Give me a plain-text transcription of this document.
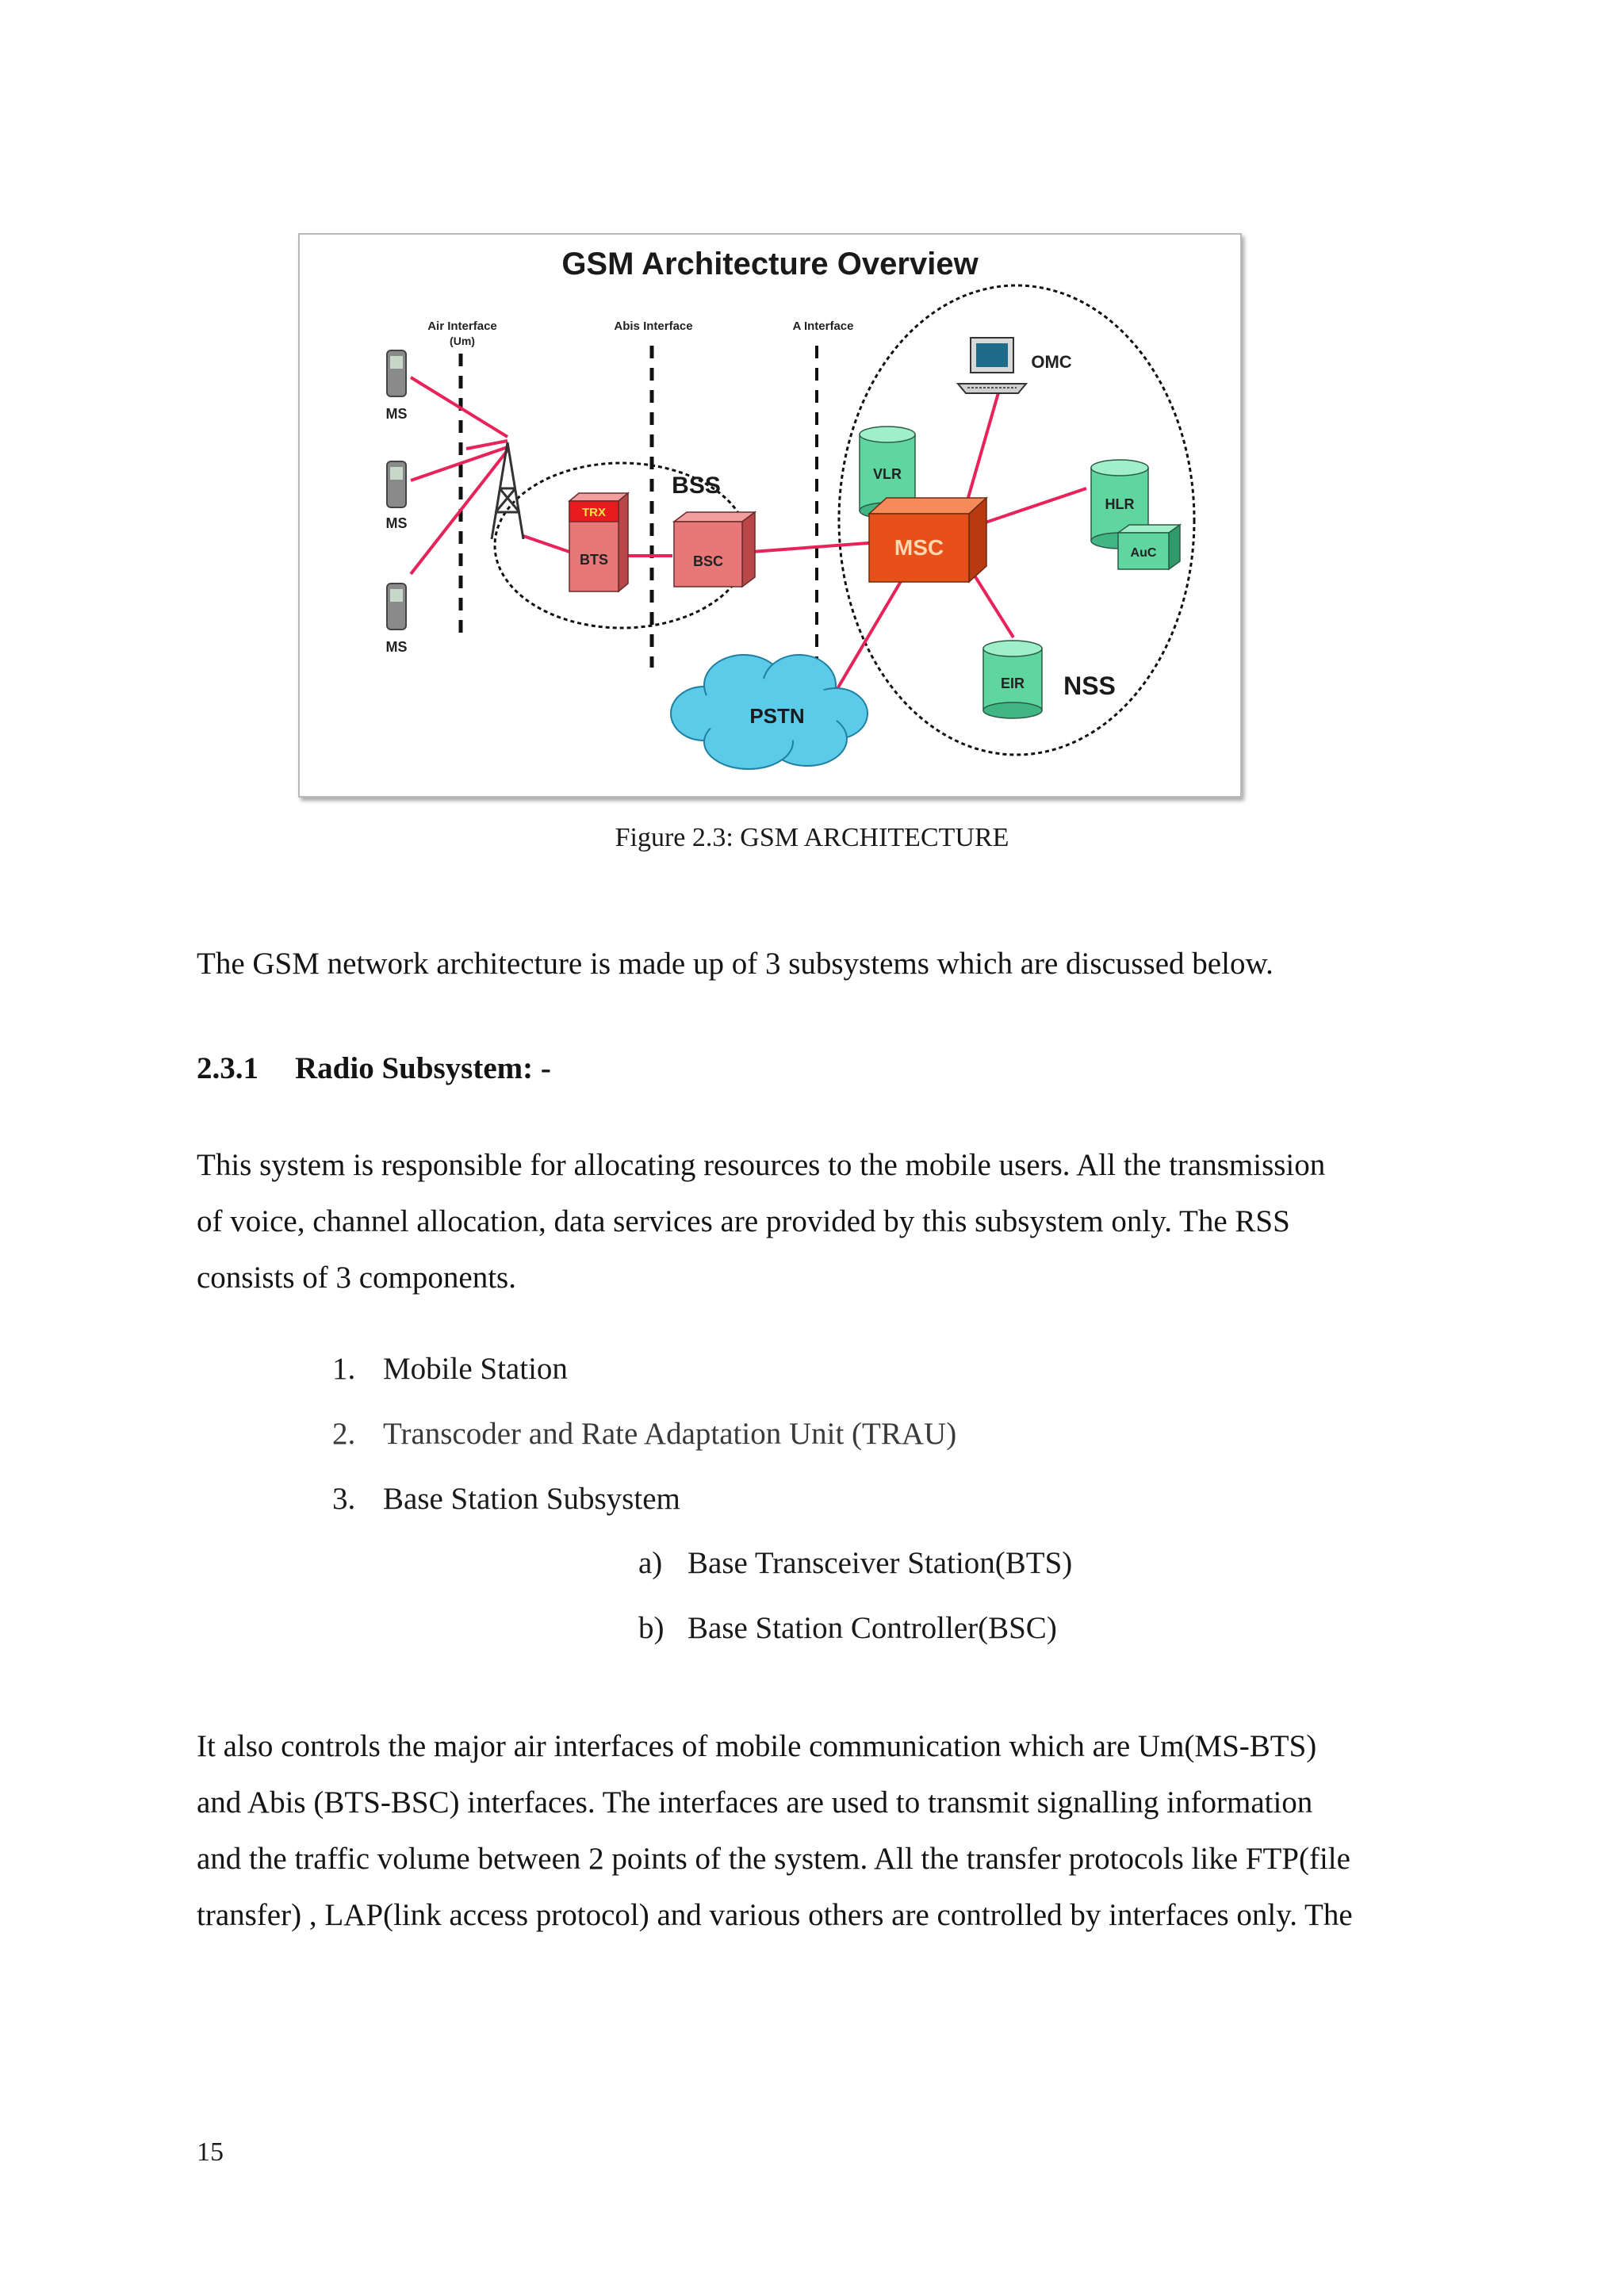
GSM Architecture Overview
Air Interface
(Um)
Abis Interface	A Interface
MS
MS
MS
BSS
TRX
BTS	BSC
VLR
MSC
OMC
HLR
AuC
EIR NSS
PSTN
Figure 2.3: GSM ARCHITECTURE
The GSM network architecture is made up of 3 subsystems which are discussed below.
2.3.1 Radio Subsystem: -
This system is responsible for allocating resources to the mobile users. All the transmission
of voice, channel allocation, data services are provided by this subsystem only. The RSS
consists of 3 components.
1. Mobile Station
2. Transcoder and Rate Adaptation Unit (TRAU)
3. Base Station Subsystem
a) Base Transceiver Station(BTS)
b) Base Station Controller(BSC)
It also controls the major air interfaces of mobile communication which are Um(MS-BTS)
and Abis (BTS-BSC) interfaces. The interfaces are used to transmit signalling information
and the traffic volume between 2 points of the system. All the transfer protocols like FTP(file
transfer) , LAP(link access protocol) and various others are controlled by interfaces only. The
15
